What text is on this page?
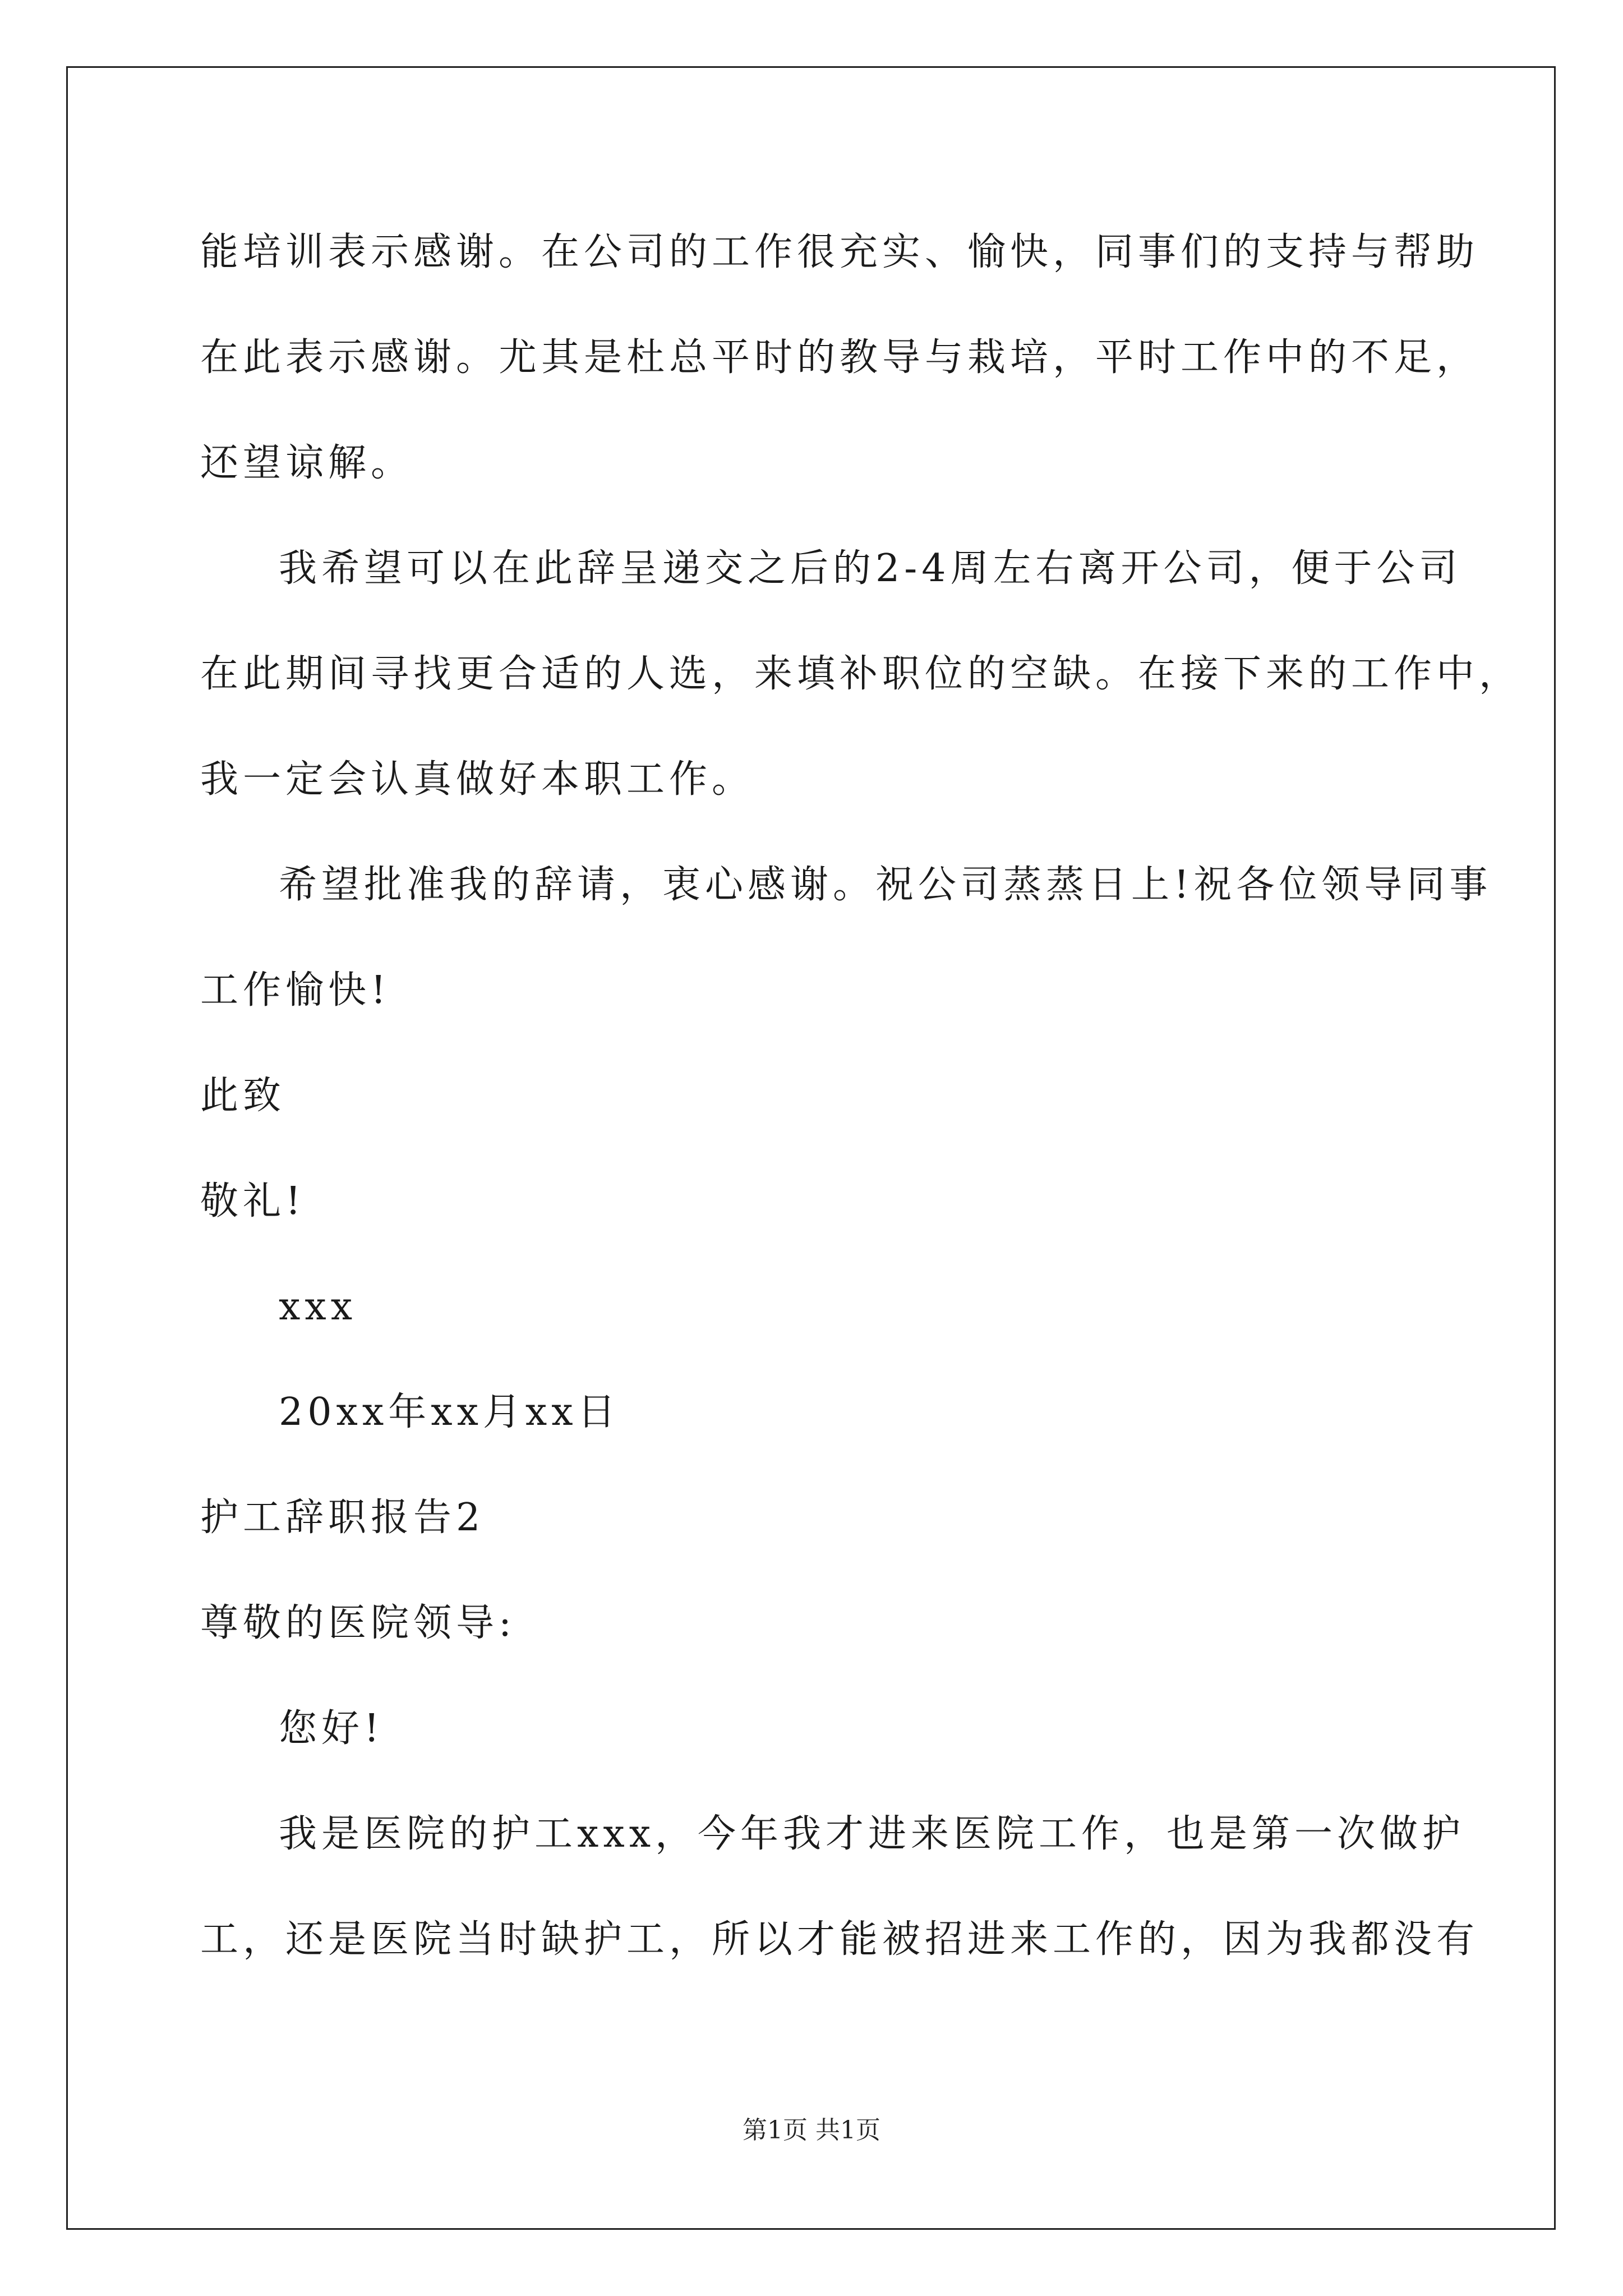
能培训表示感谢。在公司的工作很充实、愉快，同事们的支持与帮助
在此表示感谢。尤其是杜总平时的教导与栽培，平时工作中的不足，
还望谅解。
我希望可以在此辞呈递交之后的2-4周左右离开公司，便于公司
在此期间寻找更合适的人选，来填补职位的空缺。在接下来的工作中，
我一定会认真做好本职工作。
希望批准我的辞请，衷心感谢。祝公司蒸蒸日上!祝各位领导同事
工作愉快!
此致
敬礼!
xxx
20xx年xx月xx日
护工辞职报告2
尊敬的医院领导:
您好!
我是医院的护工xxx，今年我才进来医院工作，也是第一次做护
工，还是医院当时缺护工，所以才能被招进来工作的，因为我都没有
第1页 共1页
